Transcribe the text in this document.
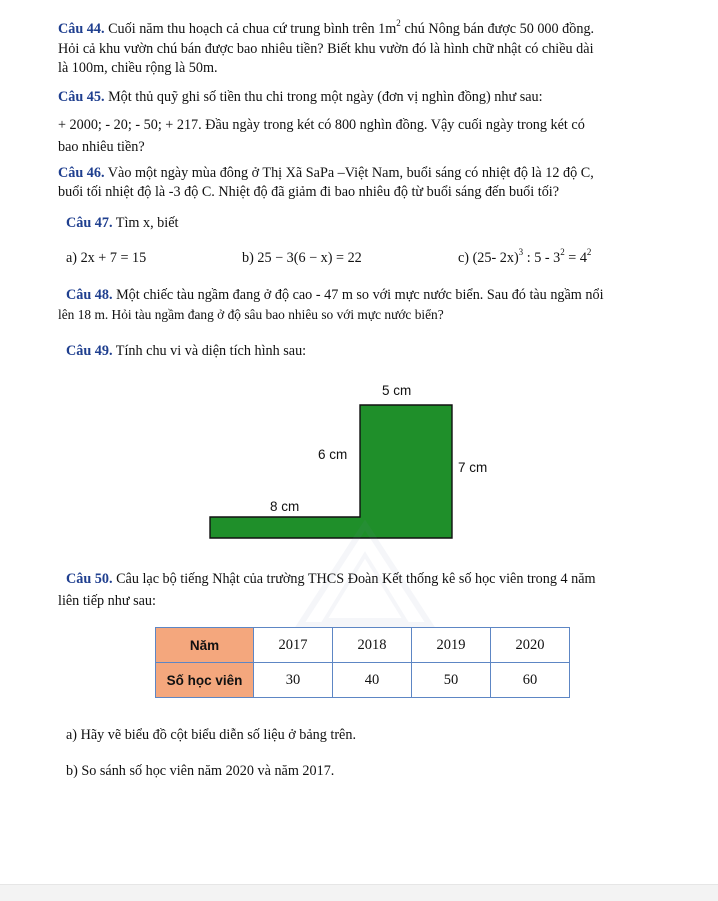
Câu 44. Cuối năm thu hoạch cả chua cứ trung bình trên $1m^2$ chú Nông bán được 50 000 đồng.
Hỏi cả khu vườn chú bán được bao nhiêu tiền? Biết khu vườn đó là hình chữ nhật có chiều dài
là 100m, chiều rộng là 50m.
Câu 45. Một thủ quỹ ghi số tiền thu chi trong một ngày (đơn vị nghìn đồng) như sau:
+ 2000; - 20; - 50; + 217. Đầu ngày trong két có 800 nghìn đồng. Vậy cuối ngày trong két có
bao nhiêu tiền?
Câu 46. Vào một ngày mùa đông ở Thị Xã SaPa –Việt Nam, buổi sáng có nhiệt độ là 12 độ C,
buổi tối nhiệt độ là -3 độ C. Nhiệt độ đã giảm đi bao nhiêu độ từ buổi sáng đến buổi tối?
Câu 47. Tìm x, biết
a) 2x + 7 = 15	b) 25 − 3(6 − x) = 22	c) (25- 2x)$^3$ : $5 - 3^2 = 4^2$
Câu 48. Một chiếc tàu ngầm đang ở độ cao - 47 m so với mực nước biển. Sau đó tàu ngầm nổi
lên 18 m. Hỏi tàu ngầm đang ở độ sâu bao nhiêu so với mực nước biển?
Câu 49. Tính chu vi và diện tích hình sau:
5 cm
6 cm
7 cm
8 cm
Câu 50. Câu lạc bộ tiếng Nhật của trường THCS Đoàn Kết thống kê số học viên trong 4 năm
liên tiếp như sau:
Năm	2017	2018	2019	2020
Số học viên	30	40	50	60
a) Hãy vẽ biểu đồ cột biểu diễn số liệu ở bảng trên.
b) So sánh số học viên năm 2020 và năm 2017.
